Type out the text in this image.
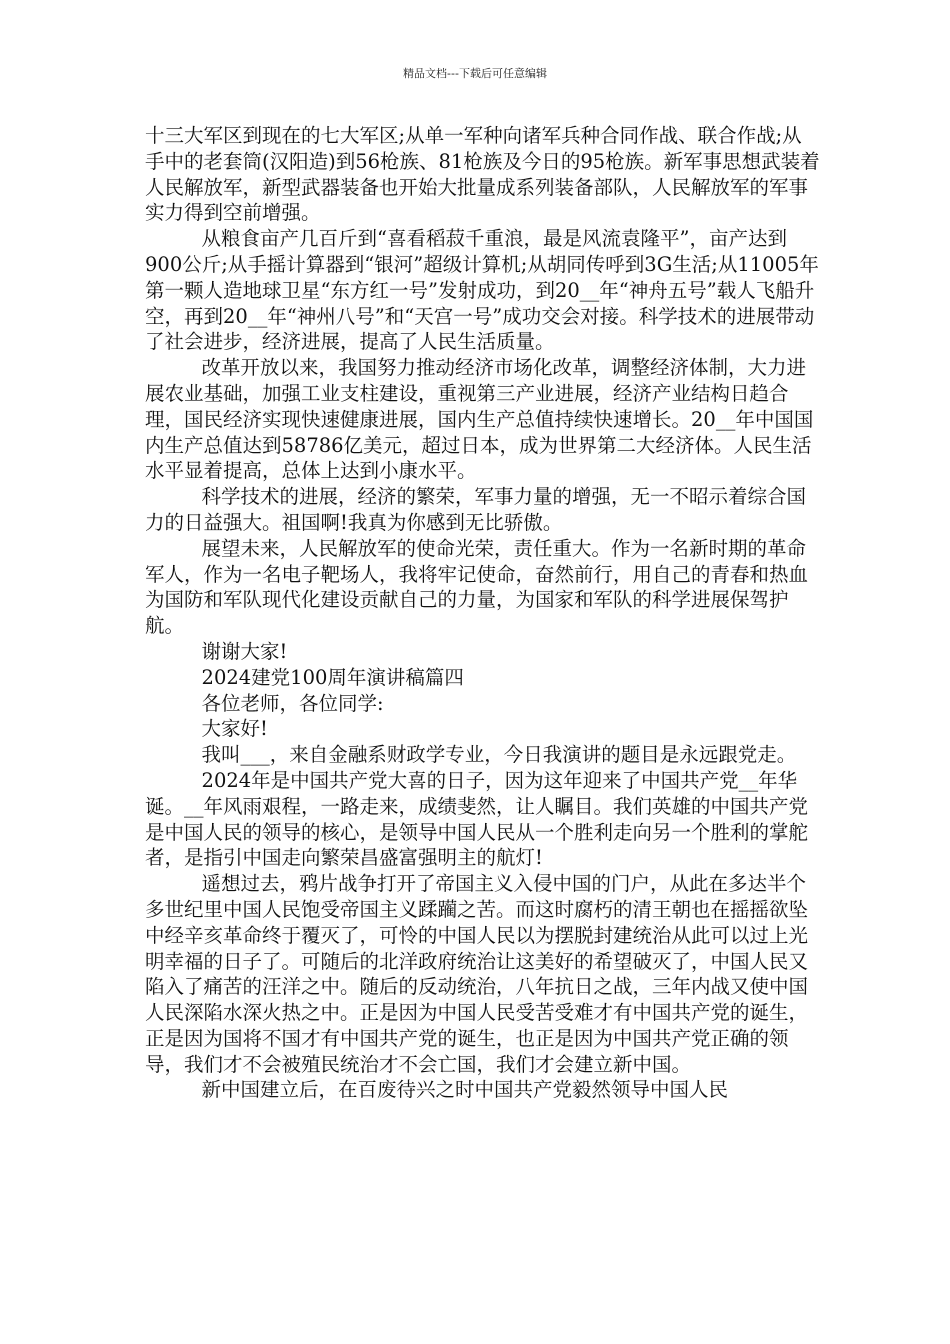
精品文档---下载后可任意编辑

十三大军区到现在的七大军区;从单一军种向诸军兵种合同作战、联合作战;从手中的老套筒(汉阳造)到56枪族、81枪族及今日的95枪族。新军事思想武装着人民解放军，新型武器装备也开始大批量成系列装备部队，人民解放军的军事实力得到空前增强。

从粮食亩产几百斤到“喜看稻菽千重浪，最是风流袁隆平”，亩产达到900公斤;从手摇计算器到“银河”超级计算机;从胡同传呼到3G生活;从11005年第一颗人造地球卫星“东方红一号”发射成功，到20__年“神舟五号”载人飞船升空，再到20__年“神州八号”和“天宫一号”成功交会对接。科学技术的进展带动了社会进步，经济进展，提高了人民生活质量。

改革开放以来，我国努力推动经济市场化改革，调整经济体制，大力进展农业基础，加强工业支柱建设，重视第三产业进展，经济产业结构日趋合理，国民经济实现快速健康进展，国内生产总值持续快速增长。20__年中国国内生产总值达到58786亿美元，超过日本，成为世界第二大经济体。人民生活水平显着提高，总体上达到小康水平。

科学技术的进展，经济的繁荣，军事力量的增强，无一不昭示着综合国力的日益强大。祖国啊!我真为你感到无比骄傲。

展望未来，人民解放军的使命光荣，责任重大。作为一名新时期的革命军人，作为一名电子靶场人，我将牢记使命，奋然前行，用自己的青春和热血为国防和军队现代化建设贡献自己的力量，为国家和军队的科学进展保驾护航。

谢谢大家!

2024建党100周年演讲稿篇四

各位老师，各位同学:

大家好!

我叫___，来自金融系财政学专业，今日我演讲的题目是永远跟党走。

2024年是中国共产党大喜的日子，因为这年迎来了中国共产党__年华诞。__年风雨艰程，一路走来，成绩斐然，让人瞩目。我们英雄的中国共产党是中国人民的领导的核心，是领导中国人民从一个胜利走向另一个胜利的掌舵者，是指引中国走向繁荣昌盛富强明主的航灯!

遥想过去，鸦片战争打开了帝国主义入侵中国的门户，从此在多达半个多世纪里中国人民饱受帝国主义蹂躏之苦。而这时腐朽的清王朝也在摇摇欲坠中经辛亥革命终于覆灭了，可怜的中国人民以为摆脱封建统治从此可以过上光明幸福的日子了。可随后的北洋政府统治让这美好的希望破灭了，中国人民又陷入了痛苦的汪洋之中。随后的反动统治，八年抗日之战，三年内战又使中国人民深陷水深火热之中。正是因为中国人民受苦受难才有中国共产党的诞生，正是因为国将不国才有中国共产党的诞生，也正是因为中国共产党正确的领导，我们才不会被殖民统治才不会亡国，我们才会建立新中国。

新中国建立后，在百废待兴之时中国共产党毅然领导中国人民
